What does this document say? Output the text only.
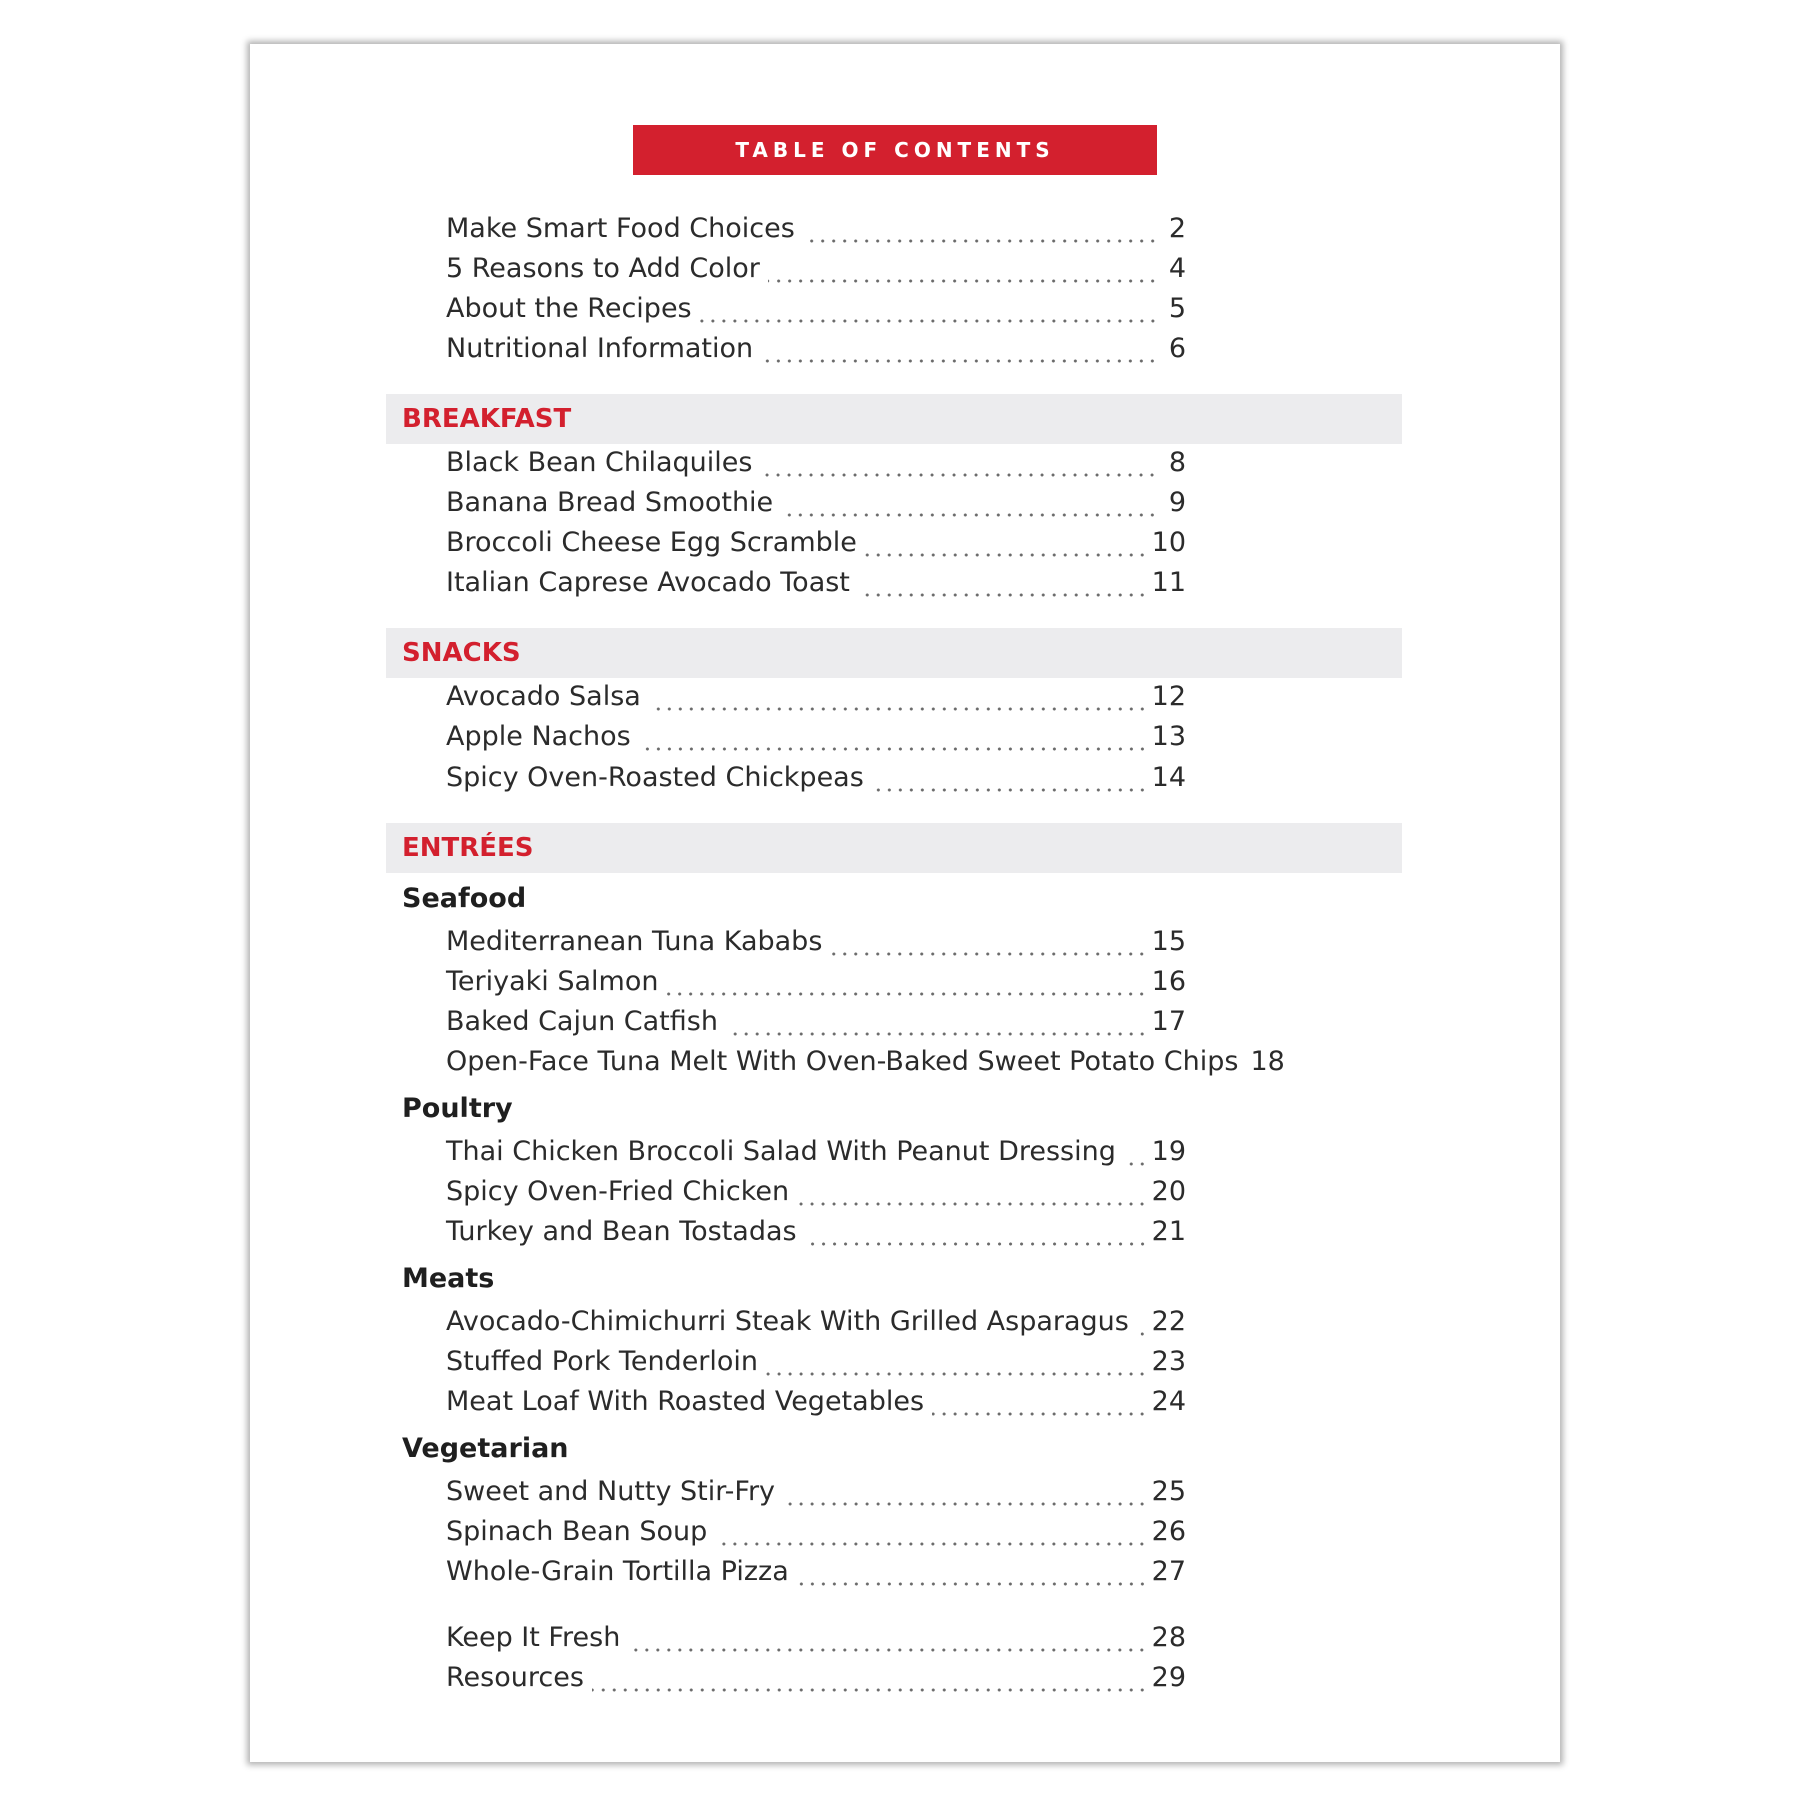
TABLE OF CONTENTS
Make Smart Food Choices	2
5 Reasons to Add Color	4
About the Recipes	5
Nutritional Information	6
BREAKFAST
Black Bean Chilaquiles	8
Banana Bread Smoothie	9
Broccoli Cheese Egg Scramble	10
Italian Caprese Avocado Toast	11
SNACKS
Avocado Salsa	12
Apple Nachos	13
Spicy Oven-Roasted Chickpeas	14
ENTRÉES
Seafood
Mediterranean Tuna Kababs	15
Teriyaki Salmon	16
Baked Cajun Catfish	17
Open-Face Tuna Melt With Oven-Baked Sweet Potato Chips 18
Poultry
Thai Chicken Broccoli Salad With Peanut Dressing 19
Spicy Oven-Fried Chicken	20
Turkey and Bean Tostadas	21
Meats
Avocado-Chimichurri Steak With Grilled Asparagus 22
Stuffed Pork Tenderloin	23
Meat Loaf With Roasted Vegetables	24
Vegetarian
Sweet and Nutty Stir-Fry	25
Spinach Bean Soup	26
Whole-Grain Tortilla Pizza	27
Keep It Fresh	28
Resources	29
